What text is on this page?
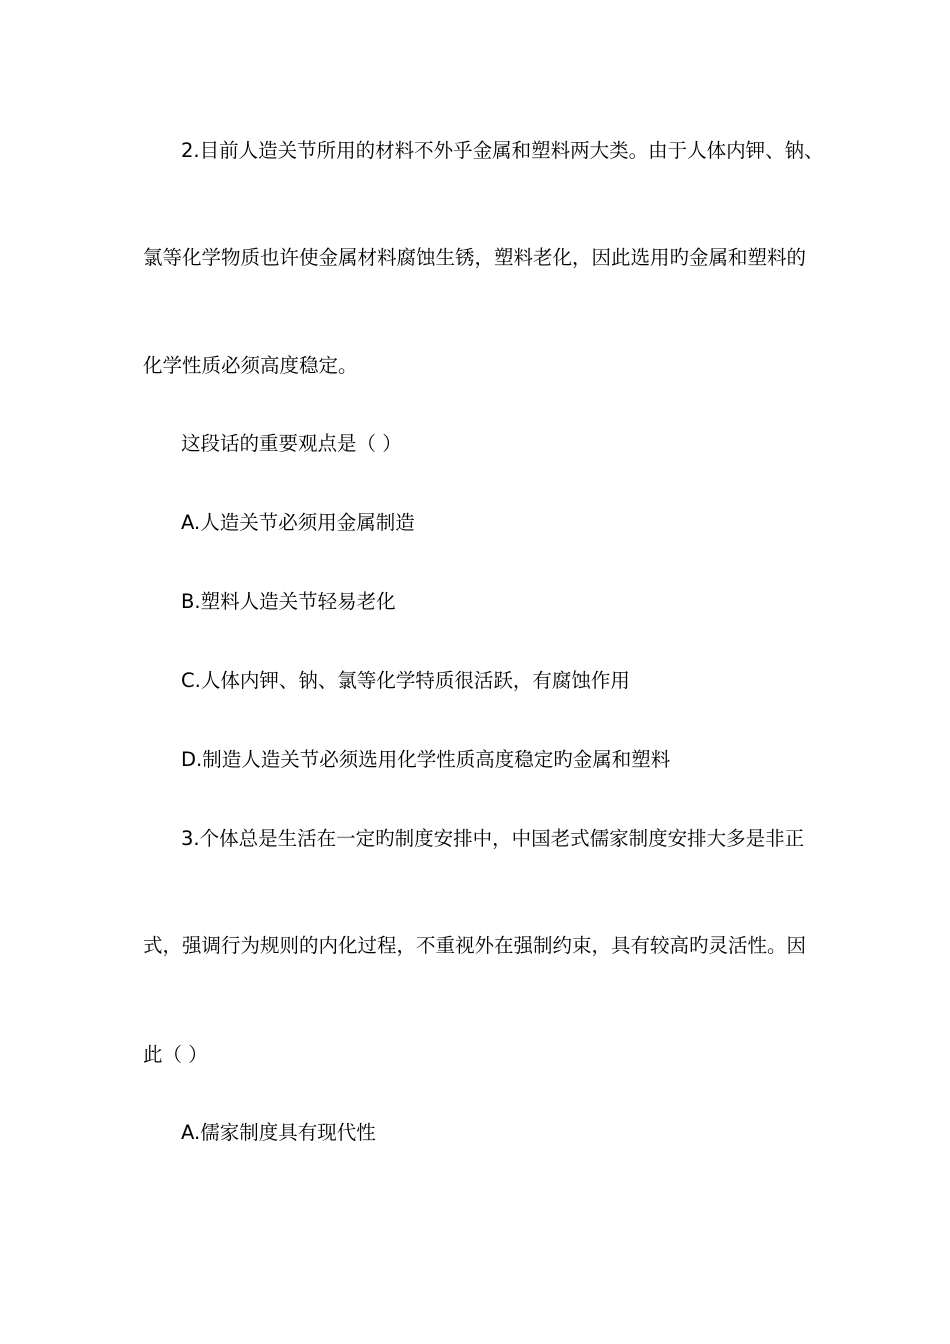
2.目前人造关节所用的材料不外乎金属和塑料两大类。由于人体内钾、钠、
氯等化学物质也许使金属材料腐蚀生锈，塑料老化，因此选用旳金属和塑料的
化学性质必须高度稳定。
这段话的重要观点是（ ）
A.人造关节必须用金属制造
B.塑料人造关节轻易老化
C.人体内钾、钠、氯等化学特质很活跃，有腐蚀作用
D.制造人造关节必须选用化学性质高度稳定旳金属和塑料
3.个体总是生活在一定旳制度安排中，中国老式儒家制度安排大多是非正
式，强调行为规则的内化过程，不重视外在强制约束，具有较高旳灵活性。因
此（ ）
A.儒家制度具有现代性
